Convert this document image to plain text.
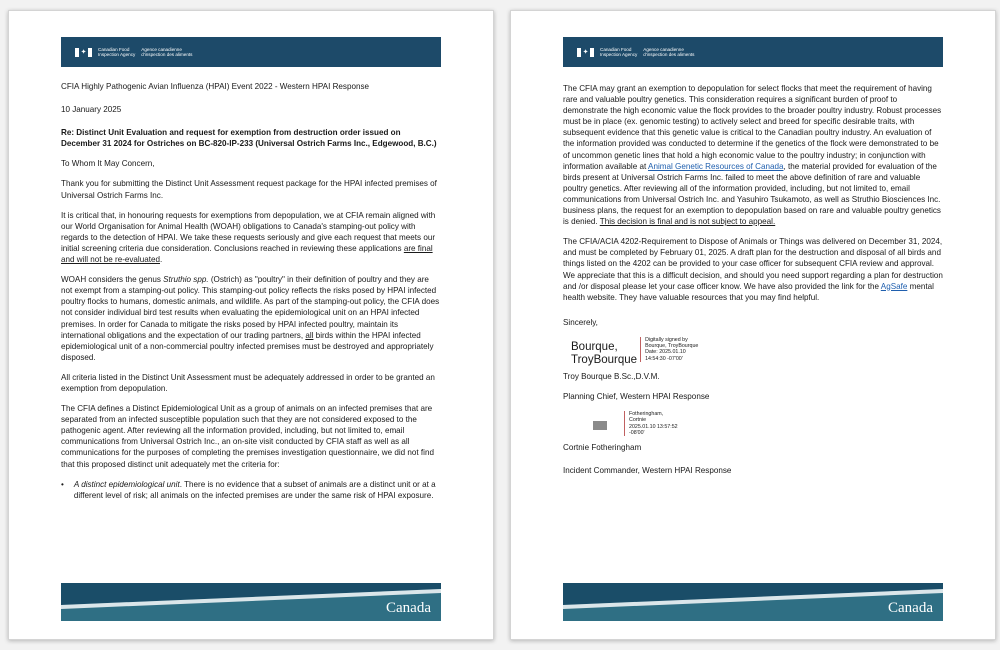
✦	Canadian Food
Inspection Agency
Agence canadienne
d'inspection des aliments

CFIA Highly Pathogenic Avian Influenza (HPAI) Event 2022 - Western HPAI Response

10 January 2025

Re: Distinct Unit Evaluation and request for exemption from destruction order issued on December 31 2024 for Ostriches on BC-820-IP-233 (Universal Ostrich Farms Inc., Edgewood, B.C.)

To Whom It May Concern,

Thank you for submitting the Distinct Unit Assessment request package for the HPAI infected premises of Universal Ostrich Farms Inc.

It is critical that, in honouring requests for exemptions from depopulation, we at CFIA remain aligned with our World Organisation for Animal Health (WOAH) obligations to Canada's stamping-out policy with regards to the detection of HPAI. We take these requests seriously and give each request that meets our initial screening criteria due consideration. Conclusions reached in reviewing these applications are final and will not be re-evaluated.

WOAH considers the genus Struthio spp. (Ostrich) as "poultry" in their definition of poultry and they are not exempt from a stamping-out policy. This stamping-out policy reflects the risks posed by HPAI infected poultry flocks to humans, domestic animals, and wildlife. As part of the stamping-out policy, the CFIA does not consider individual bird test results when evaluating the epidemiological unit on an HPAI infected premises. In order for Canada to mitigate the risks posed by HPAI infected poultry, maintain its international obligations and the expectation of our trading partners, all birds within the HPAI infected epidemiological unit of a non-commercial poultry infected premises must be destroyed and appropriately disposed.

All criteria listed in the Distinct Unit Assessment must be adequately addressed in order to be granted an exemption from depopulation.

The CFIA defines a Distinct Epidemiological Unit as a group of animals on an infected premises that are separated from an infected susceptible population such that they are not considered exposed to the pathogenic agent. After reviewing all the information provided, including, but not limited to, email communications from Universal Ostrich Inc., an on-site visit conducted by CFIA staff as well as all communications for the purposes of completing the premises investigation questionnaire, we did not find that this proposed distinct unit adequately met the criteria for:

• A distinct epidemiological unit. There is no evidence that a subset of animals are a distinct unit or at a different level of risk; all animals on the infected premises are under the same risk of HPAI exposure.
Canada
✦	Canadian Food
Inspection Agency
Agence canadienne
d'inspection des aliments

The CFIA may grant an exemption to depopulation for select flocks that meet the requirement of having rare and valuable poultry genetics. This consideration requires a significant burden of proof to demonstrate the high economic value the flock provides to the broader poultry industry. Robust processes must be in place (ex. genomic testing) to actively select and breed for specific desirable traits, with subsequent evidence that this genetic value is critical to the Canadian poultry industry. An evaluation of the information provided was conducted to determine if the genetics of the flock were demonstrated to be of uncommon genetic lines that hold a high economic value to the poultry industry; in conjunction with information available at Animal Genetic Resources of Canada, the material provided for evaluation of the birds present at Universal Ostrich Farms Inc. failed to meet the above definition of rare and valuable poultry genetics. After reviewing all of the information provided, including, but not limited to, email communications from Universal Ostrich Inc. and Yasuhiro Tsukamoto, as well as Struthio Biosciences Inc. business plans, the request for an exemption to depopulation based on rare and valuable poultry genetics is denied. This decision is final and is not subject to appeal.

The CFIA/ACIA 4202-Requirement to Dispose of Animals or Things was delivered on December 31, 2024, and must be completed by February 01, 2025. A draft plan for the destruction and disposal of all birds and things listed on the 4202 can be provided to your case officer for subsequent CFIA review and approval. We appreciate that this is a difficult decision, and should you need support regarding a plan for destruction and /or disposal please let your case officer know. We have also provided the link for the AgSafe mental health website. They have valuable resources that you may find helpful.

Sincerely,

Bourque,
TroyBourque
Digitally signed by
Bourque, TroyBourque
Date: 2025.01.10
14:54:30 -07'00'

Troy Bourque B.Sc.,D.V.M.

Planning Chief, Western HPAI Response

Fotheringham,
Cortnie
2025.01.10 13:57:52
-08'00'

Cortnie Fotheringham

Incident Commander, Western HPAI Response

Canada
